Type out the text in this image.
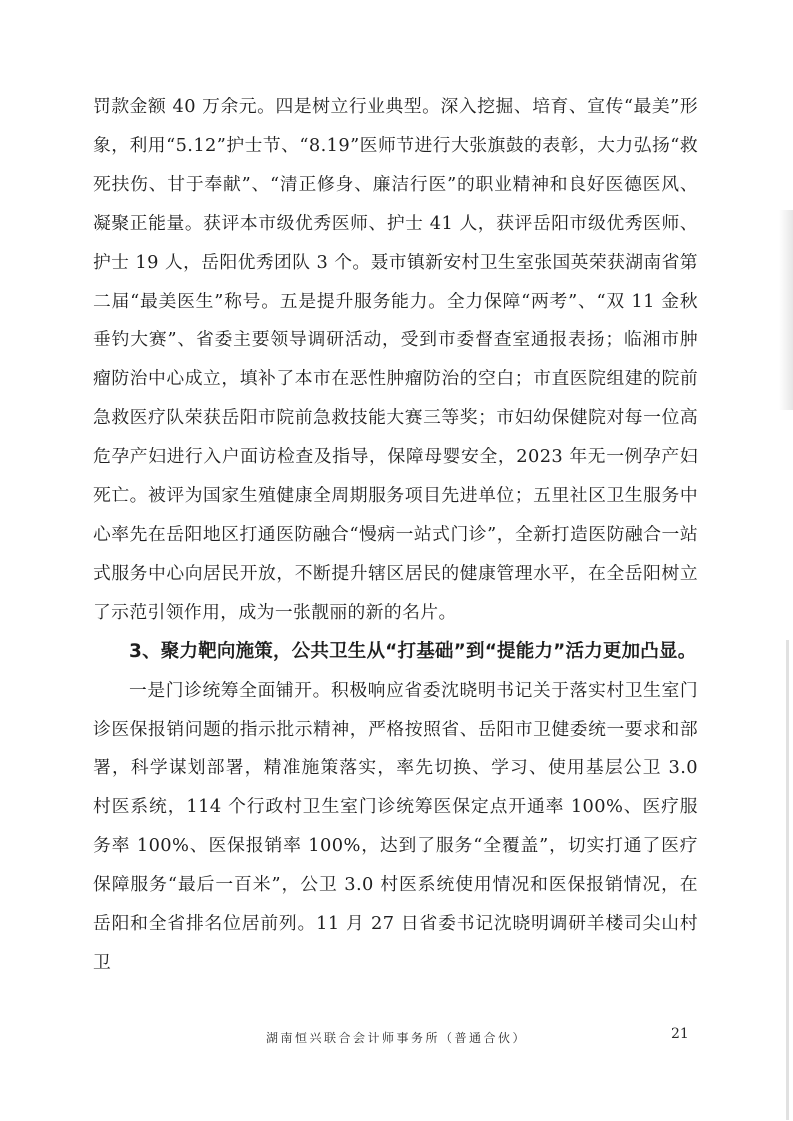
罚款金额 40 万余元。四是树立行业典型。深入挖掘、培育、宣传“最美”形象，利用“5.12”护士节、“8.19”医师节进行大张旗鼓的表彰，大力弘扬“救死扶伤、甘于奉献”、“清正修身、廉洁行医”的职业精神和良好医德医风、凝聚正能量。获评本市级优秀医师、护士 41 人，获评岳阳市级优秀医师、护士 19 人，岳阳优秀团队 3 个。聂市镇新安村卫生室张国英荣获湖南省第二届“最美医生”称号。五是提升服务能力。全力保障“两考”、“双 11 金秋垂钓大赛”、省委主要领导调研活动，受到市委督查室通报表扬；临湘市肿瘤防治中心成立，填补了本市在恶性肿瘤防治的空白；市直医院组建的院前急救医疗队荣获岳阳市院前急救技能大赛三等奖；市妇幼保健院对每一位高危孕产妇进行入户面访检查及指导，保障母婴安全，2023 年无一例孕产妇死亡。被评为国家生殖健康全周期服务项目先进单位；五里社区卫生服务中心率先在岳阳地区打通医防融合“慢病一站式门诊”，全新打造医防融合一站式服务中心向居民开放，不断提升辖区居民的健康管理水平，在全岳阳树立了示范引领作用，成为一张靓丽的新的名片。

3、聚力靶向施策，公共卫生从“打基础”到“提能力”活力更加凸显。

一是门诊统筹全面铺开。积极响应省委沈晓明书记关于落实村卫生室门诊医保报销问题的指示批示精神，严格按照省、岳阳市卫健委统一要求和部署，科学谋划部署，精准施策落实，率先切换、学习、使用基层公卫 3.0 村医系统，114 个行政村卫生室门诊统筹医保定点开通率 100%、医疗服务率 100%、医保报销率 100%，达到了服务“全覆盖”，切实打通了医疗保障服务“最后一百米”，公卫 3.0 村医系统使用情况和医保报销情况，在岳阳和全省排名位居前列。11 月 27 日省委书记沈晓明调研羊楼司尖山村卫

湖南恒兴联合会计师事务所（普通合伙）	21
